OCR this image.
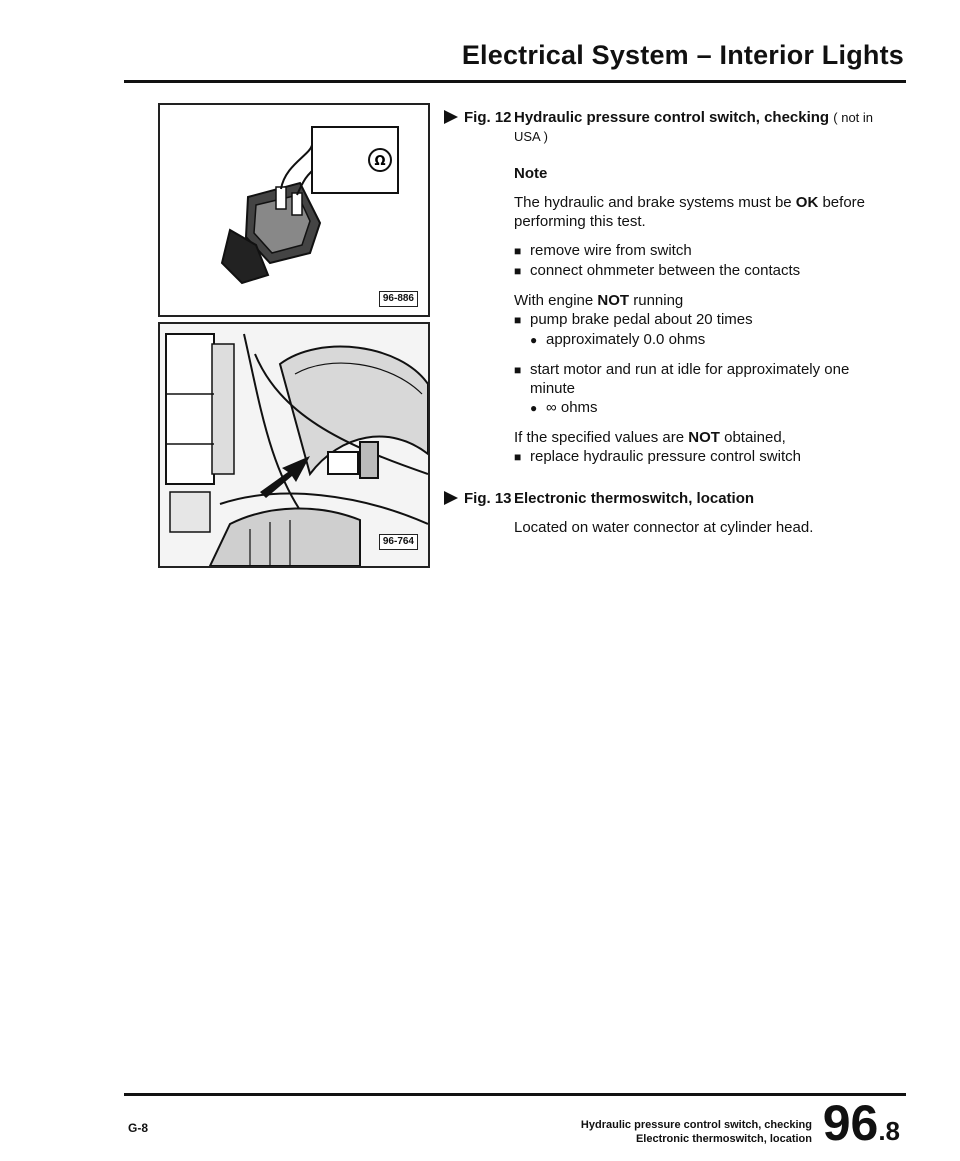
Electrical System – Interior Lights
Ω
96-886
96-764
Fig. 12 Hydraulic pressure control switch, checking ( not in USA )
Note
The hydraulic and brake systems must be OK before performing this test.
■ remove wire from switch
■ connect ohmmeter between the contacts
With engine NOT running
■ pump brake pedal about 20 times
● approximately 0.0 ohms
■ start motor and run at idle for approximately one minute
● ∞ ohms
If the specified values are NOT obtained,
■ replace hydraulic pressure control switch
Fig. 13 Electronic thermoswitch, location
Located on water connector at cylinder head.
G-8	Hydraulic pressure control switch, checking
Electronic thermoswitch, location 96.8
